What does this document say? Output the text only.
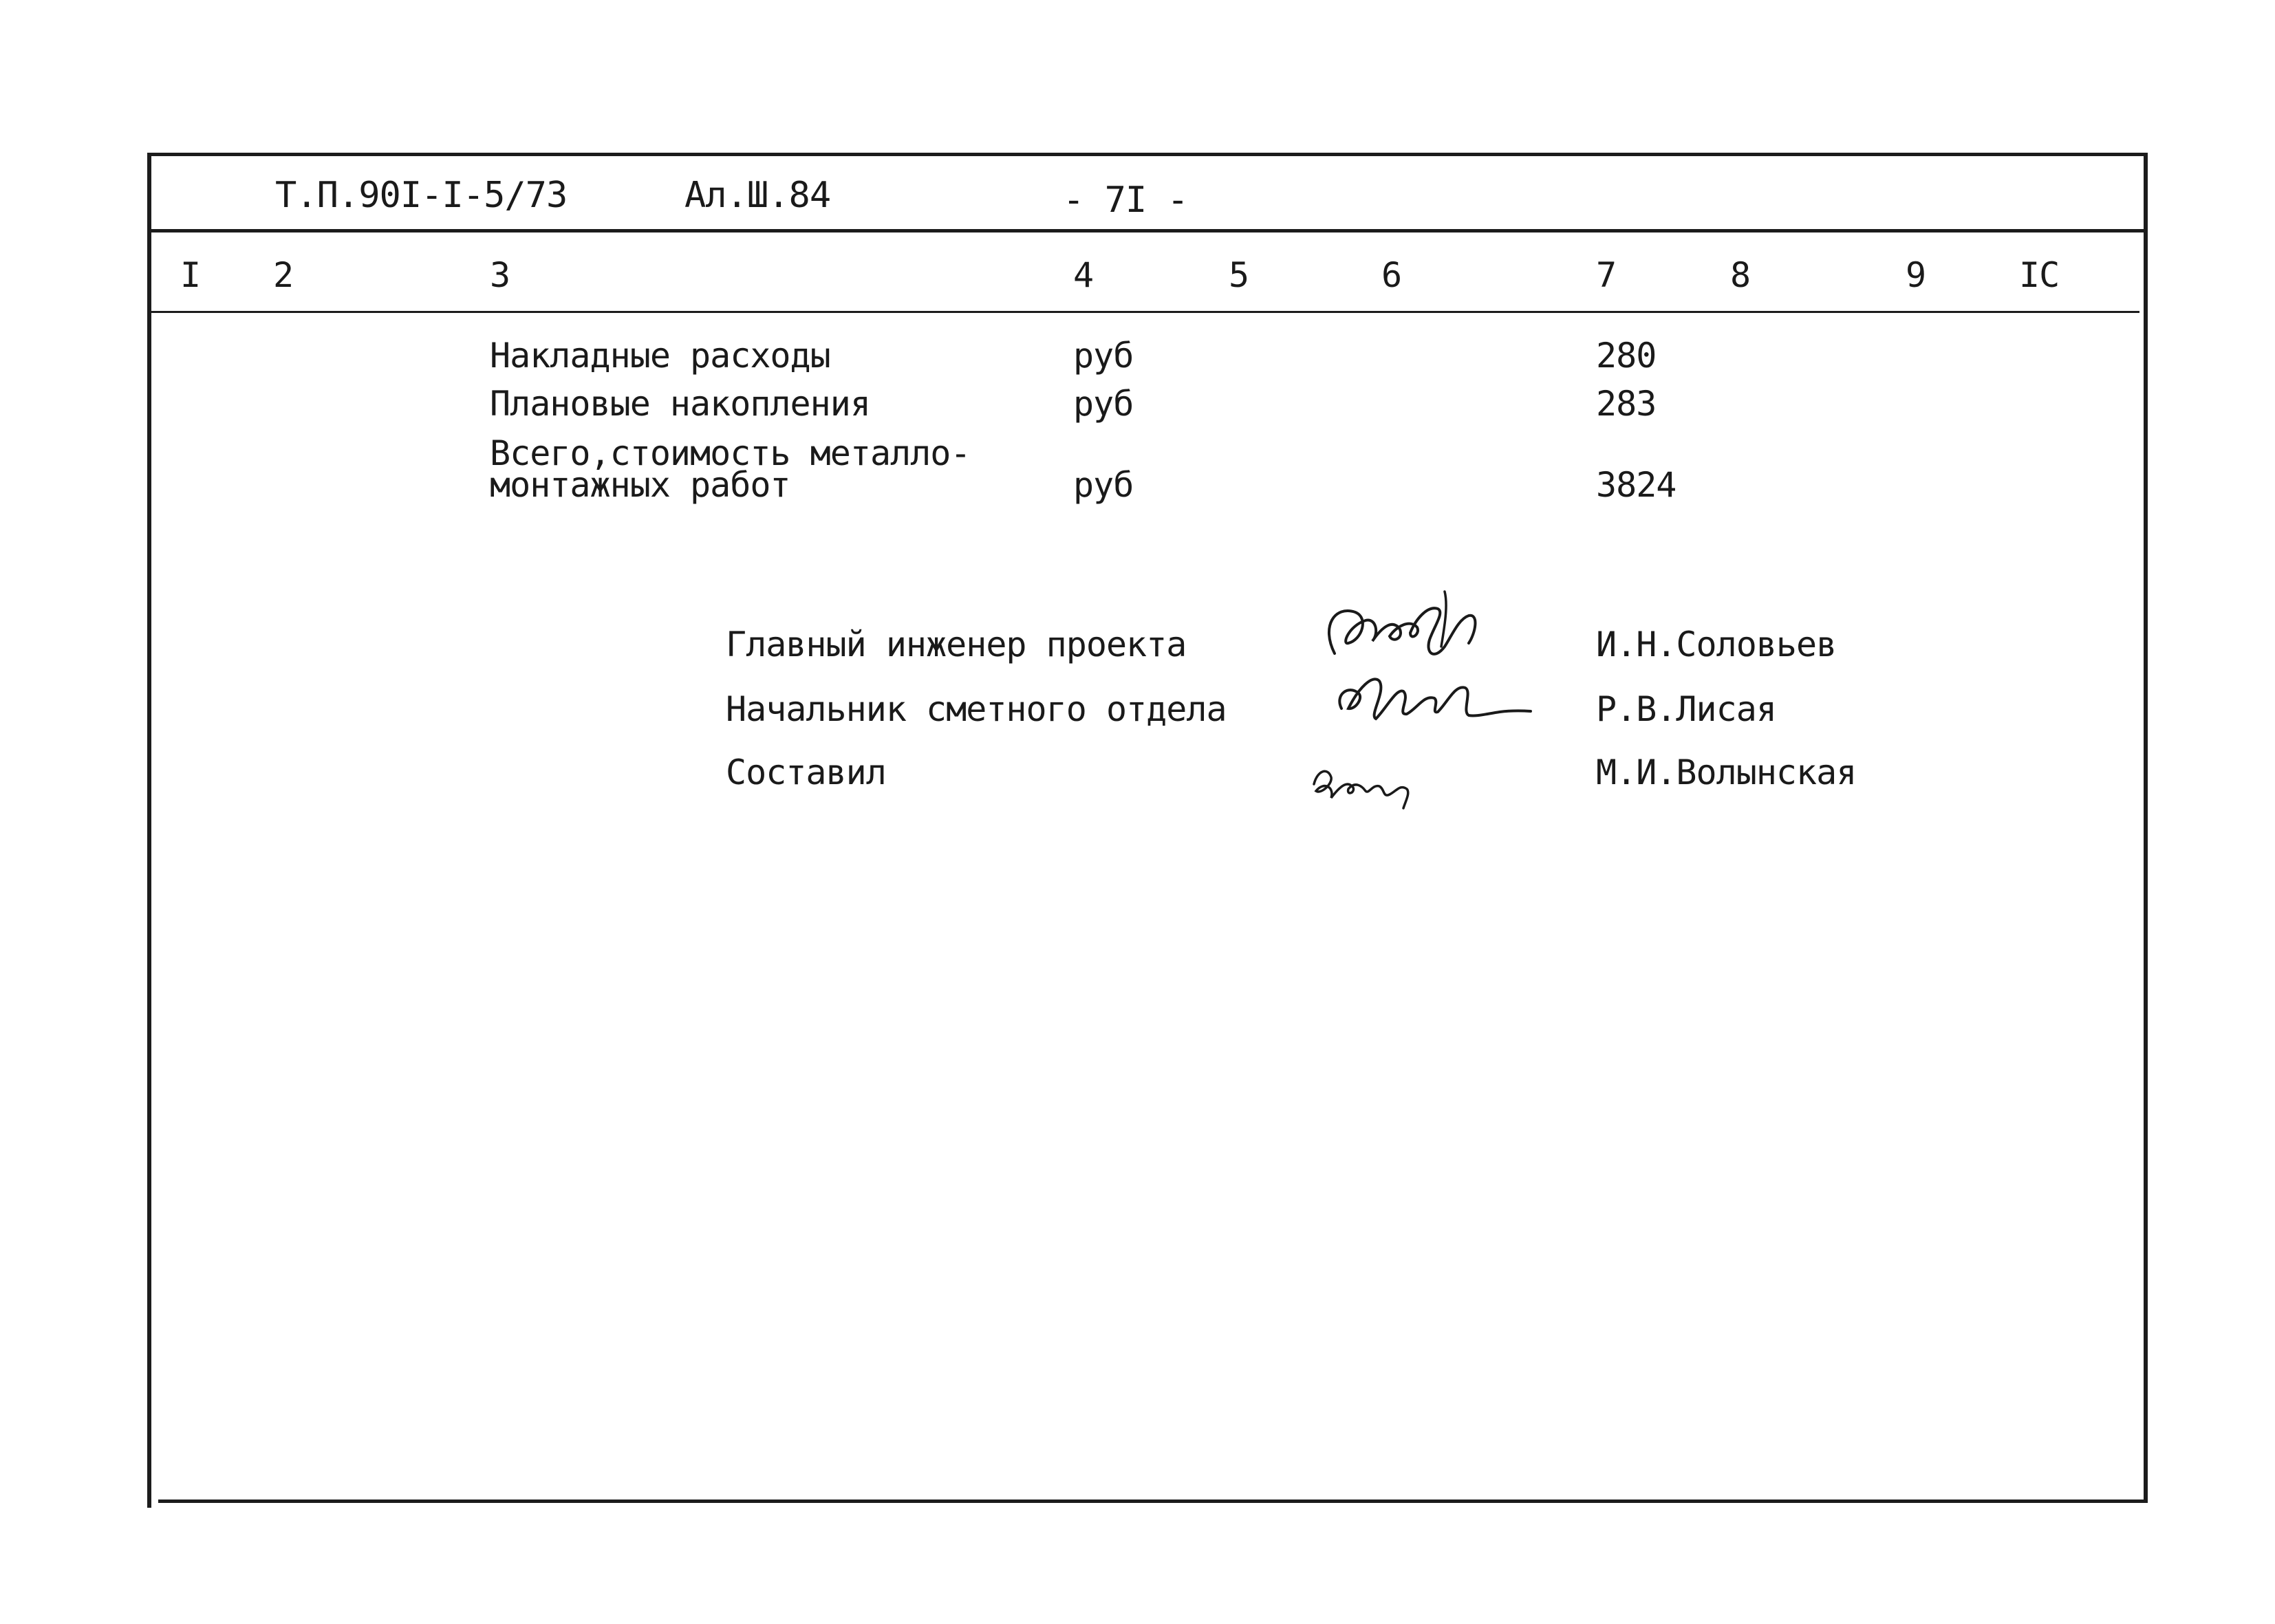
Т.П.90І-І-5/73	Ал.Ш.84	- 7І -
I 2	3	4	5	6	7	8	9	IC
Накладные расходы	руб	280
Плановые накопления	руб	283
Всего,стоимость металло-
монтажных работ	руб	3824
Главный инженер проекта	И.Н.Соловьев
Начальник сметного отдела	Р.В.Лисая
Составил	М.И.Волынская
